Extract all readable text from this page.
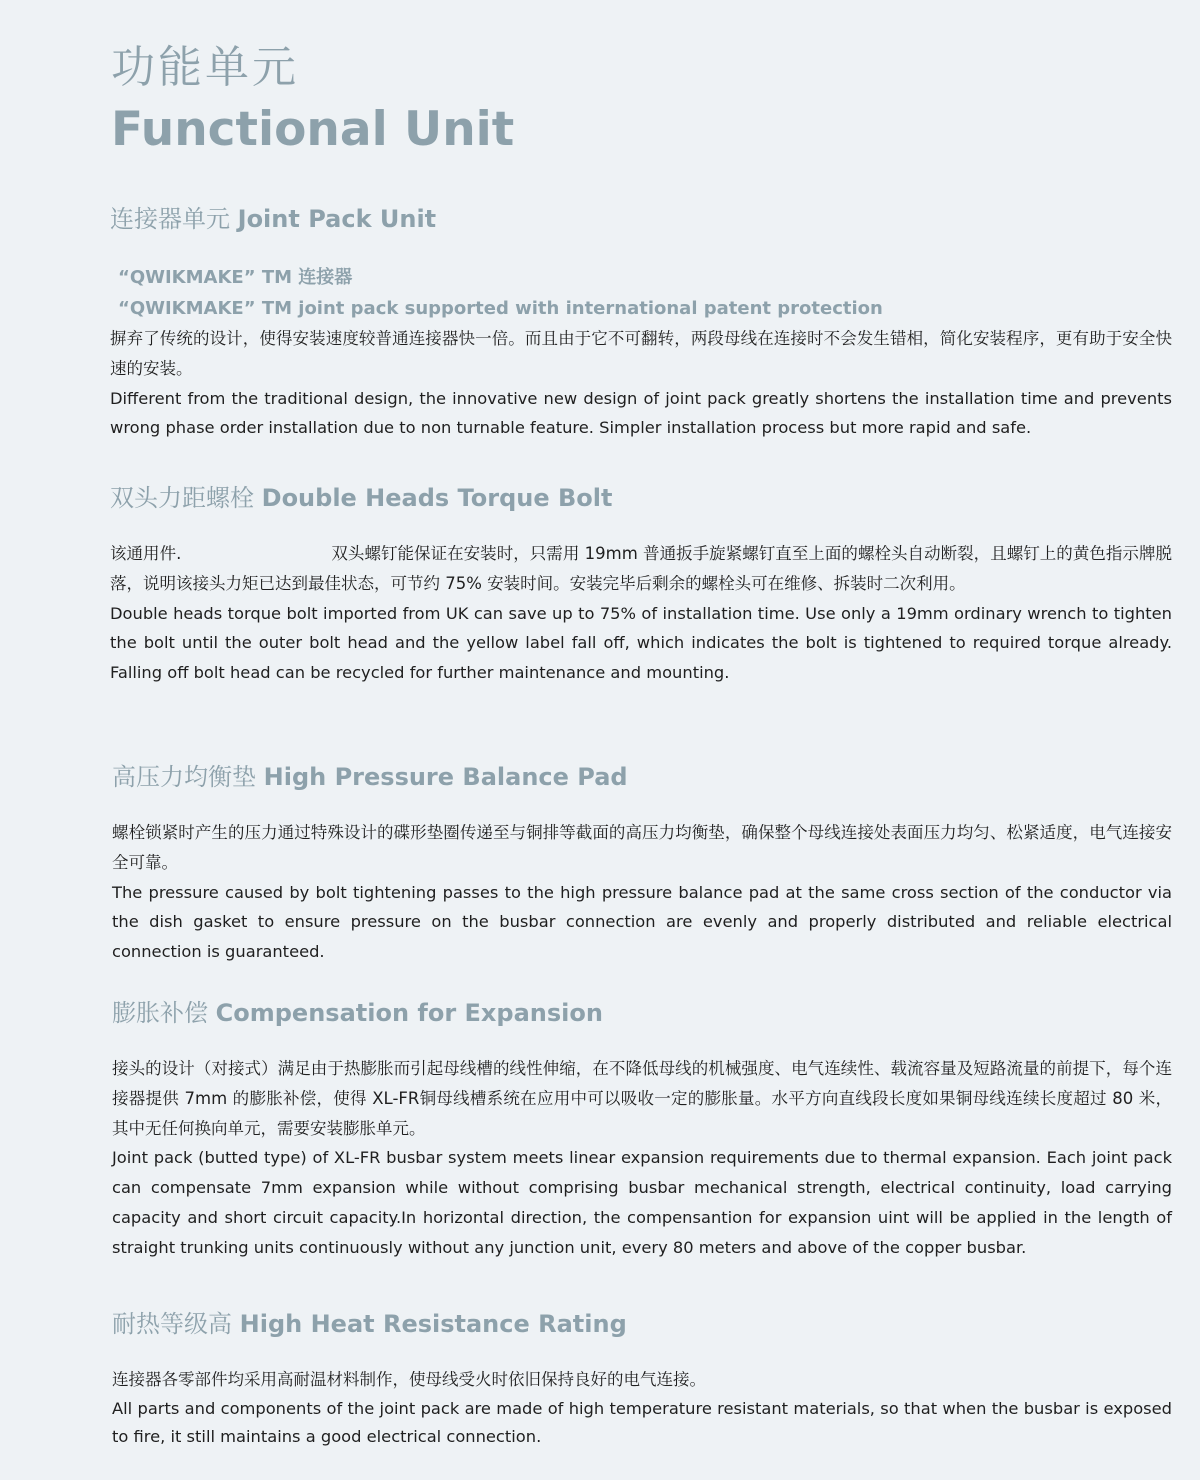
功能单元
Functional Unit
连接器单元 Joint Pack Unit

“QWIKMAKE” TM 连接器

“QWIKMAKE” TM joint pack supported with international patent protection

摒弃了传统的设计，使得安装速度较普通连接器快一倍。而且由于它不可翻转，两段母线在连接时不会发生错相，简化安装程序，更有助于安全快速的安装。

Different from the traditional design, the innovative new design of joint pack greatly shortens the installation time and prevents wrong phase order installation due to non turnable feature. Simpler installation process but more rapid and safe.

双头力距螺栓 Double Heads Torque Bolt

该通用件.	双头螺钉能保证在安装时，只需用 19mm 普通扳手旋紧螺钉直至上面的螺栓头自动断裂，且螺钉上的黄色指示牌脱落，说明该接头力矩已达到最佳状态，可节约 75% 安装时间。安装完毕后剩余的螺栓头可在维修、拆装时二次利用。

Double heads torque bolt imported from UK can save up to 75% of installation time. Use only a 19mm ordinary wrench to tighten the bolt until the outer bolt head and the yellow label fall off, which indicates the bolt is tightened to required torque already. Falling off bolt head can be recycled for further maintenance and mounting.

高压力均衡垫 High Pressure Balance Pad

螺栓锁紧时产生的压力通过特殊设计的碟形垫圈传递至与铜排等截面的高压力均衡垫，确保整个母线连接处表面压力均匀、松紧适度，电气连接安全可靠。

The pressure caused by bolt tightening passes to the high pressure balance pad at the same cross section of the conductor via the dish gasket to ensure pressure on the busbar connection are evenly and properly distributed and reliable electrical connection is guaranteed.

膨胀补偿 Compensation for Expansion

接头的设计（对接式）满足由于热膨胀而引起母线槽的线性伸缩，在不降低母线的机械强度、电气连续性、载流容量及短路流量的前提下，每个连接器提供 7mm 的膨胀补偿，使得 XL-FR铜母线槽系统在应用中可以吸收一定的膨胀量。水平方向直线段长度如果铜母线连续长度超过 80 米，其中无任何换向单元，需要安装膨胀单元。

Joint pack (butted type) of XL-FR busbar system meets linear expansion requirements due to thermal expansion. Each joint pack can compensate 7mm expansion while without comprising busbar mechanical strength, electrical continuity, load carrying capacity and short circuit capacity.In horizontal direction, the compensantion for expansion uint will be applied in the length of straight trunking units continuously without any junction unit, every 80 meters and above of the copper busbar.

耐热等级高 High Heat Resistance Rating

连接器各零部件均采用高耐温材料制作，使母线受火时依旧保持良好的电气连接。

All parts and components of the joint pack are made of high temperature resistant materials, so that when the busbar is exposed to fire, it still maintains a good electrical connection.
